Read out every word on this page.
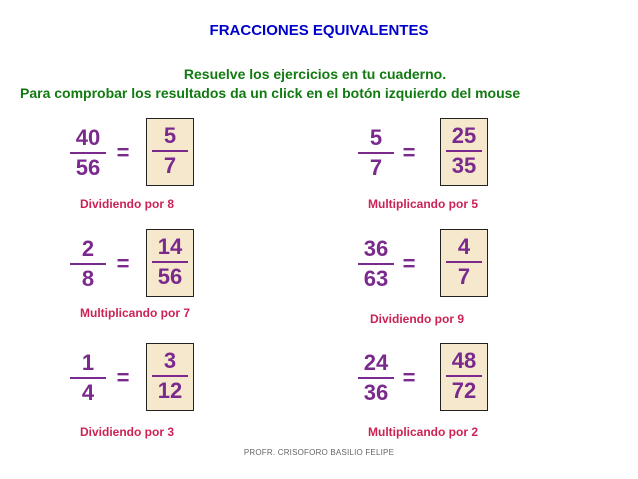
FRACCIONES EQUIVALENTES
Resuelve los ejercicios en tu cuaderno.
Para comprobar los resultados da un click en el botón izquierdo del mouse
40
56
=
5
7
Dividiendo por 8
5
7
=
25
35
Multiplicando por 5
2
8
=
14
56
Multiplicando por 7
36
63
=
4
7
Dividiendo por 9
1
4
=
3
12
Dividiendo por 3
24
36
=
48
72
Multiplicando por 2
PROFR. CRISOFORO BASILIO FELIPE
